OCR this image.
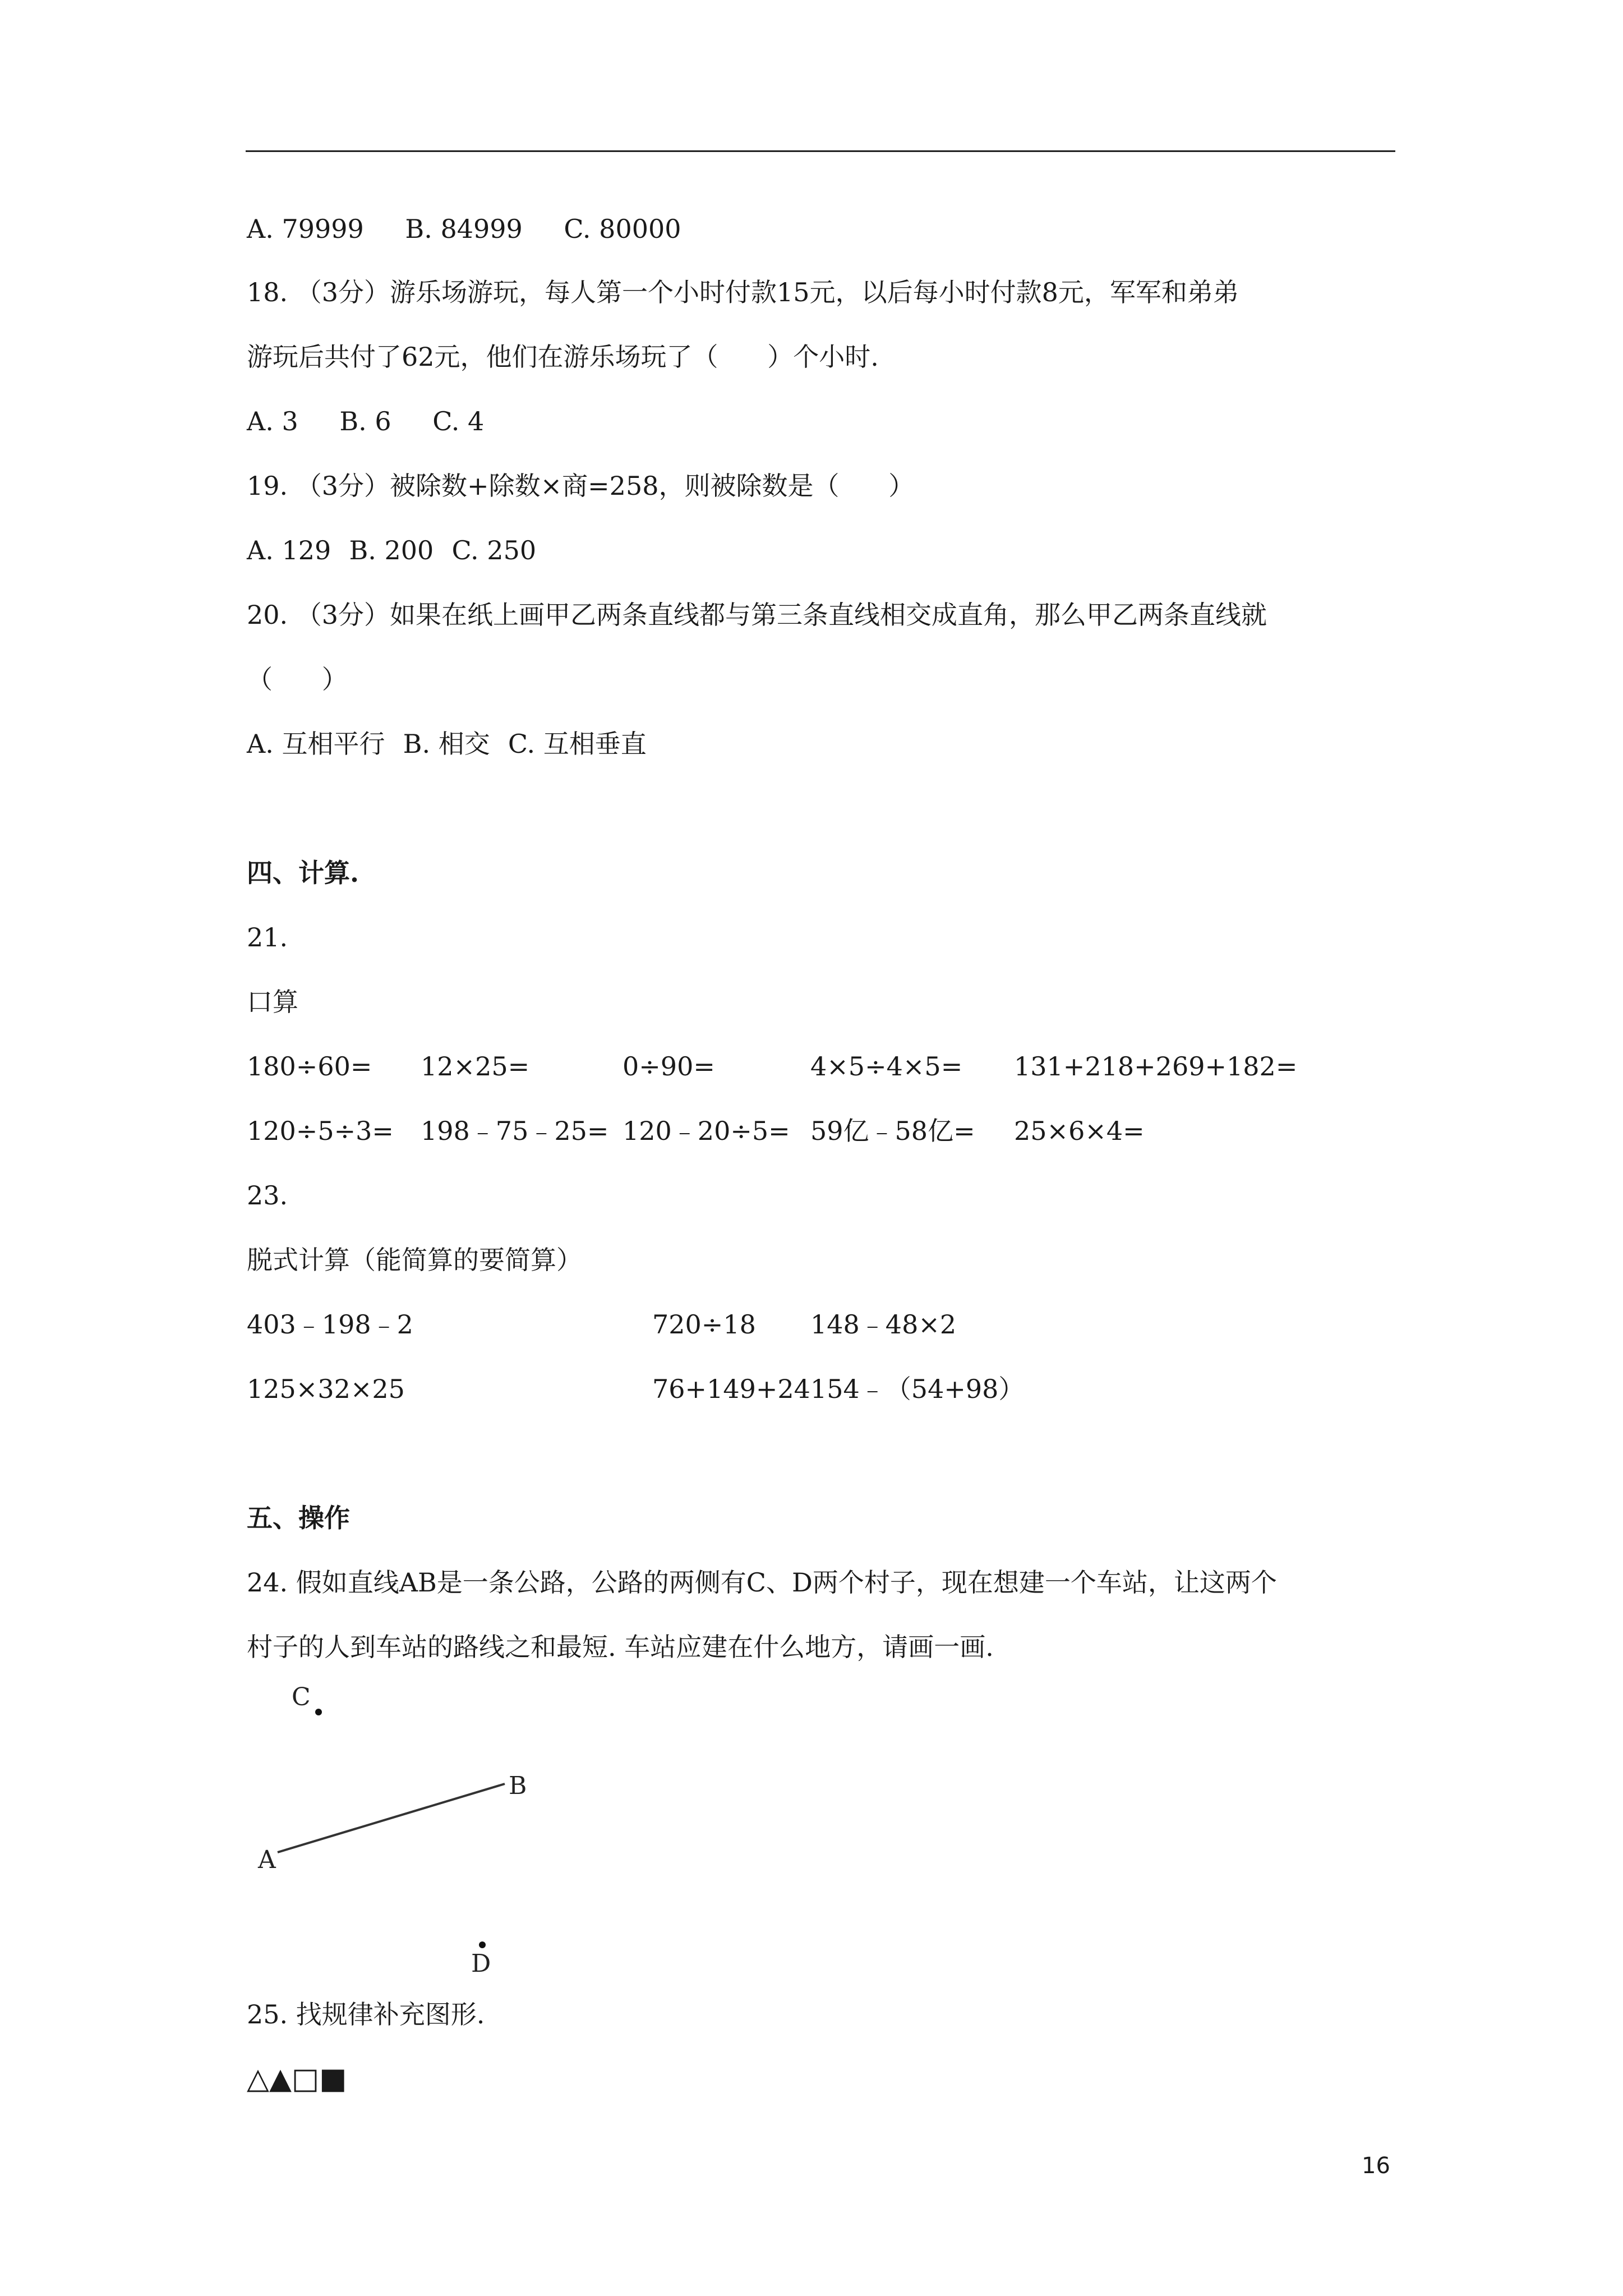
A. 79999 B. 84999 C. 80000
18. （3分）游乐场游玩，每人第一个小时付款15元，以后每小时付款8元，军军和弟弟
游玩后共付了62元，他们在游乐场玩了（      ）个小时.
A. 3 B. 6 C. 4
19. （3分）被除数+除数×商=258，则被除数是（      ）
A. 129 B. 200 C. 250
20. （3分）如果在纸上画甲乙两条直线都与第三条直线相交成直角，那么甲乙两条直线就
（      ）
A. 互相平行 B. 相交 C. 互相垂直
四、计算.
21.
口算
180÷60= 12×25=	0÷90=	4×5÷4×5= 131+218+269+182=
120÷5÷3= 198﹣75﹣25= 120﹣20÷5= 59亿﹣58亿= 25×6×4=
23.
脱式计算（能简算的要简算）
403﹣198﹣2	720÷18 148﹣48×2
125×32×25	76+149+24 154﹣（54+98）
五、操作
24. 假如直线AB是一条公路，公路的两侧有C、D两个村子，现在想建一个车站，让这两个
村子的人到车站的路线之和最短. 车站应建在什么地方，请画一画.
C
A
B
D
25. 找规律补充图形.
△▲□■
16
